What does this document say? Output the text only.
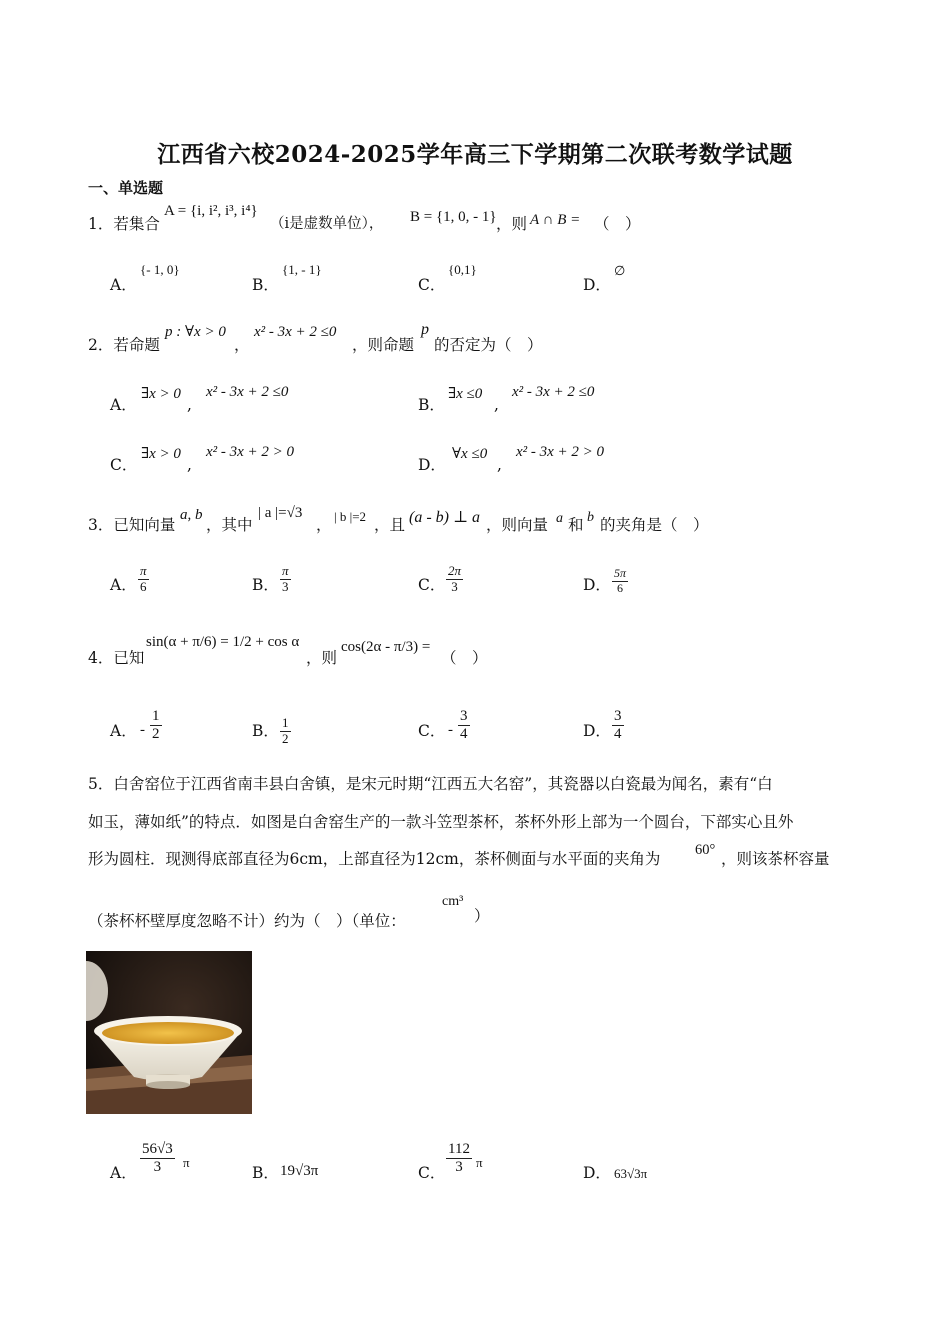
江西省六校2024-2025学年高三下学期第二次联考数学试题
一、单选题
1．若集合
A = {i, i², i³, i⁴}
（i是虚数单位）， B = {1, 0, - 1} ，则 A ∩ B = （　）
A．
{- 1, 0}
B．
{1, - 1}
C．
{0,1}
D．
∅
2．若命题
p : ∀x > 0
，
x² - 3x + 2 ≤0
，则命题
p
的否定为（　）
A．
∃x > 0
,
x² - 3x + 2 ≤0
B．
∃x ≤0
,
x² - 3x + 2 ≤0
C．
∃x > 0
,
x² - 3x + 2 > 0
D．
∀x ≤0
,
x² - 3x + 2 > 0
3．已知向量
a, b
，其中
| a |=√3
， | b |=2 ，且 (a - b) ⊥ a ，则向量 a 和 b 的夹角是（　）
A． $\frac{\pi}{6}$	B． $\frac{\pi}{3}$	C． $\frac{2\pi}{3}$	D． $\frac{5\pi}{6}$
4．已知
sin(α + π/6) = 1/2 + cos α
，则
cos(2α - π/3) =
（　）
A． - $\frac{1}{2}$	B． $\frac{1}{2}$	C． - $\frac{3}{4}$	D． $\frac{3}{4}$
5．白舍窑位于江西省南丰县白舍镇，是宋元时期“江西五大名窑”，其瓷器以白瓷最为闻名，素有“白
如玉，薄如纸”的特点．如图是白舍窑生产的一款斗笠型茶杯，茶杯外形上部为一个圆台，下部实心且外
形为圆柱．现测得底部直径为6cm，上部直径为12cm，茶杯侧面与水平面的夹角为 60° ，则该茶杯容量
（茶杯杯壁厚度忽略不计）约为（　）（单位：
cm³
）
A． $\frac{56√3}{3}$ π
B． 19√3π	C． $\frac{112}{3}$ π
D． 63√3π
